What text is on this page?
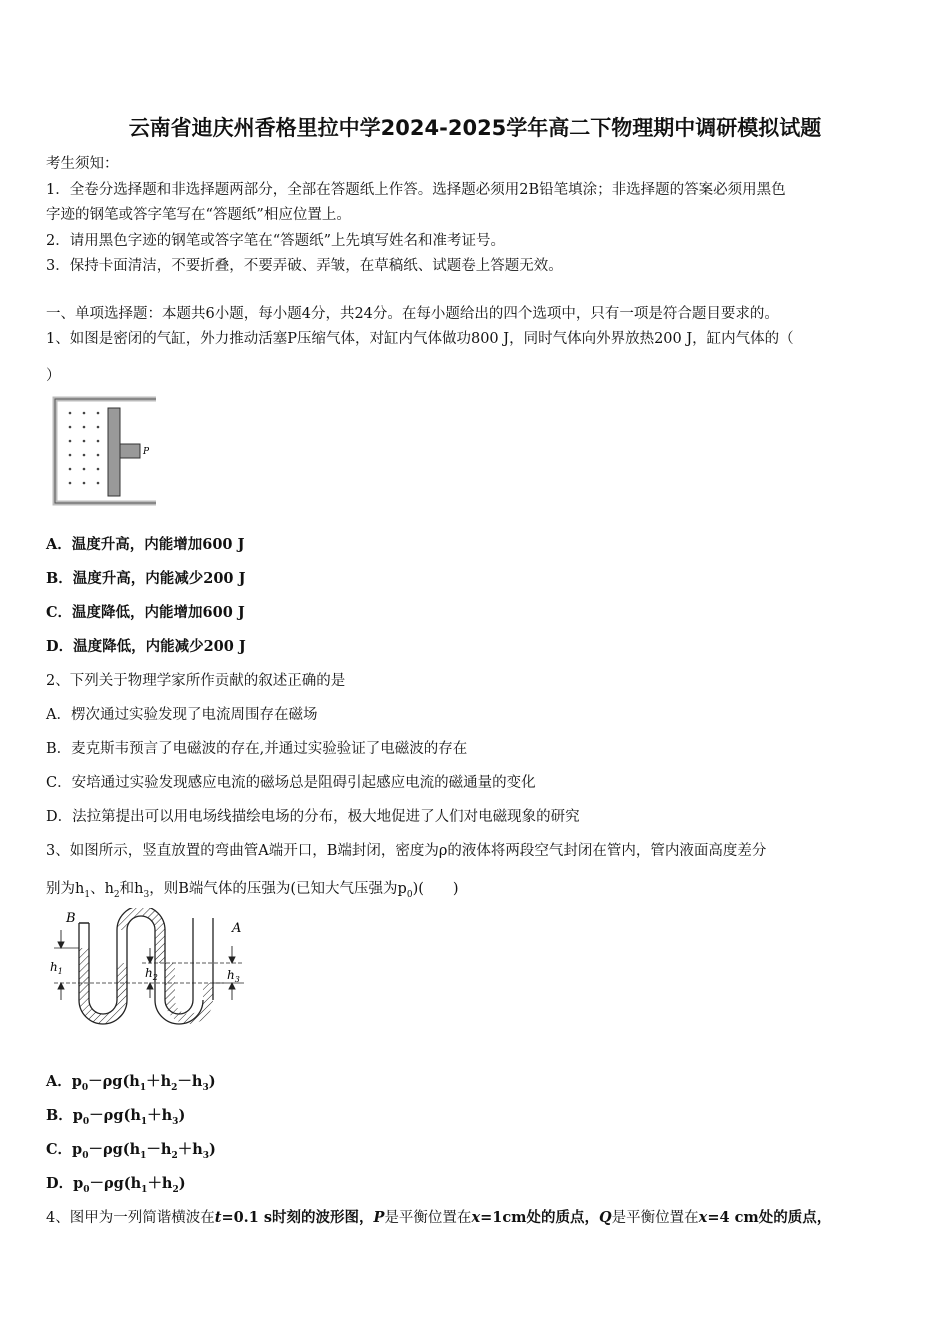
云南省迪庆州香格里拉中学2024-2025学年高二下物理期中调研模拟试题
考生须知：
1．全卷分选择题和非选择题两部分，全部在答题纸上作答。选择题必须用2B铅笔填涂；非选择题的答案必须用黑色
字迹的钢笔或答字笔写在“答题纸”相应位置上。
2．请用黑色字迹的钢笔或答字笔在“答题纸”上先填写姓名和准考证号。
3．保持卡面清洁，不要折叠，不要弄破、弄皱，在草稿纸、试题卷上答题无效。
一、单项选择题：本题共6小题，每小题4分，共24分。在每小题给出的四个选项中，只有一项是符合题目要求的。
1、如图是密闭的气缸，外力推动活塞P压缩气体，对缸内气体做功800 J，同时气体向外界放热200 J，缸内气体的（
）
P
A．温度升高，内能增加600 J
B．温度升高，内能减少200 J
C．温度降低，内能增加600 J
D．温度降低，内能减少200 J
2、下列关于物理学家所作贡献的叙述正确的是
A．楞次通过实验发现了电流周围存在磁场
B．麦克斯韦预言了电磁波的存在,并通过实验验证了电磁波的存在
C．安培通过实验发现感应电流的磁场总是阻碍引起感应电流的磁通量的变化
D．法拉第提出可以用电场线描绘电场的分布，极大地促进了人们对电磁现象的研究
3、如图所示，竖直放置的弯曲管A端开口，B端封闭，密度为ρ的液体将两段空气封闭在管内，管内液面高度差分
别为$h_1$、$h_2$和$h_3$，则B端气体的压强为(已知大气压强为$p_0$)(　　)
B
A
$h_1$	$h_2$	$h_3$
A．$p_0-\rho g(h_1+h_2-h_3)$
B．$p_0-\rho g(h_1+h_3)$
C．$p_0-\rho g(h_1-h_2+h_3)$
D．$p_0-\rho g(h_1+h_2)$
4、图甲为一列简谐横波在t=0.1 s时刻的波形图，P是平衡位置在x=1cm处的质点，Q是平衡位置在x=4 cm处的质点，
